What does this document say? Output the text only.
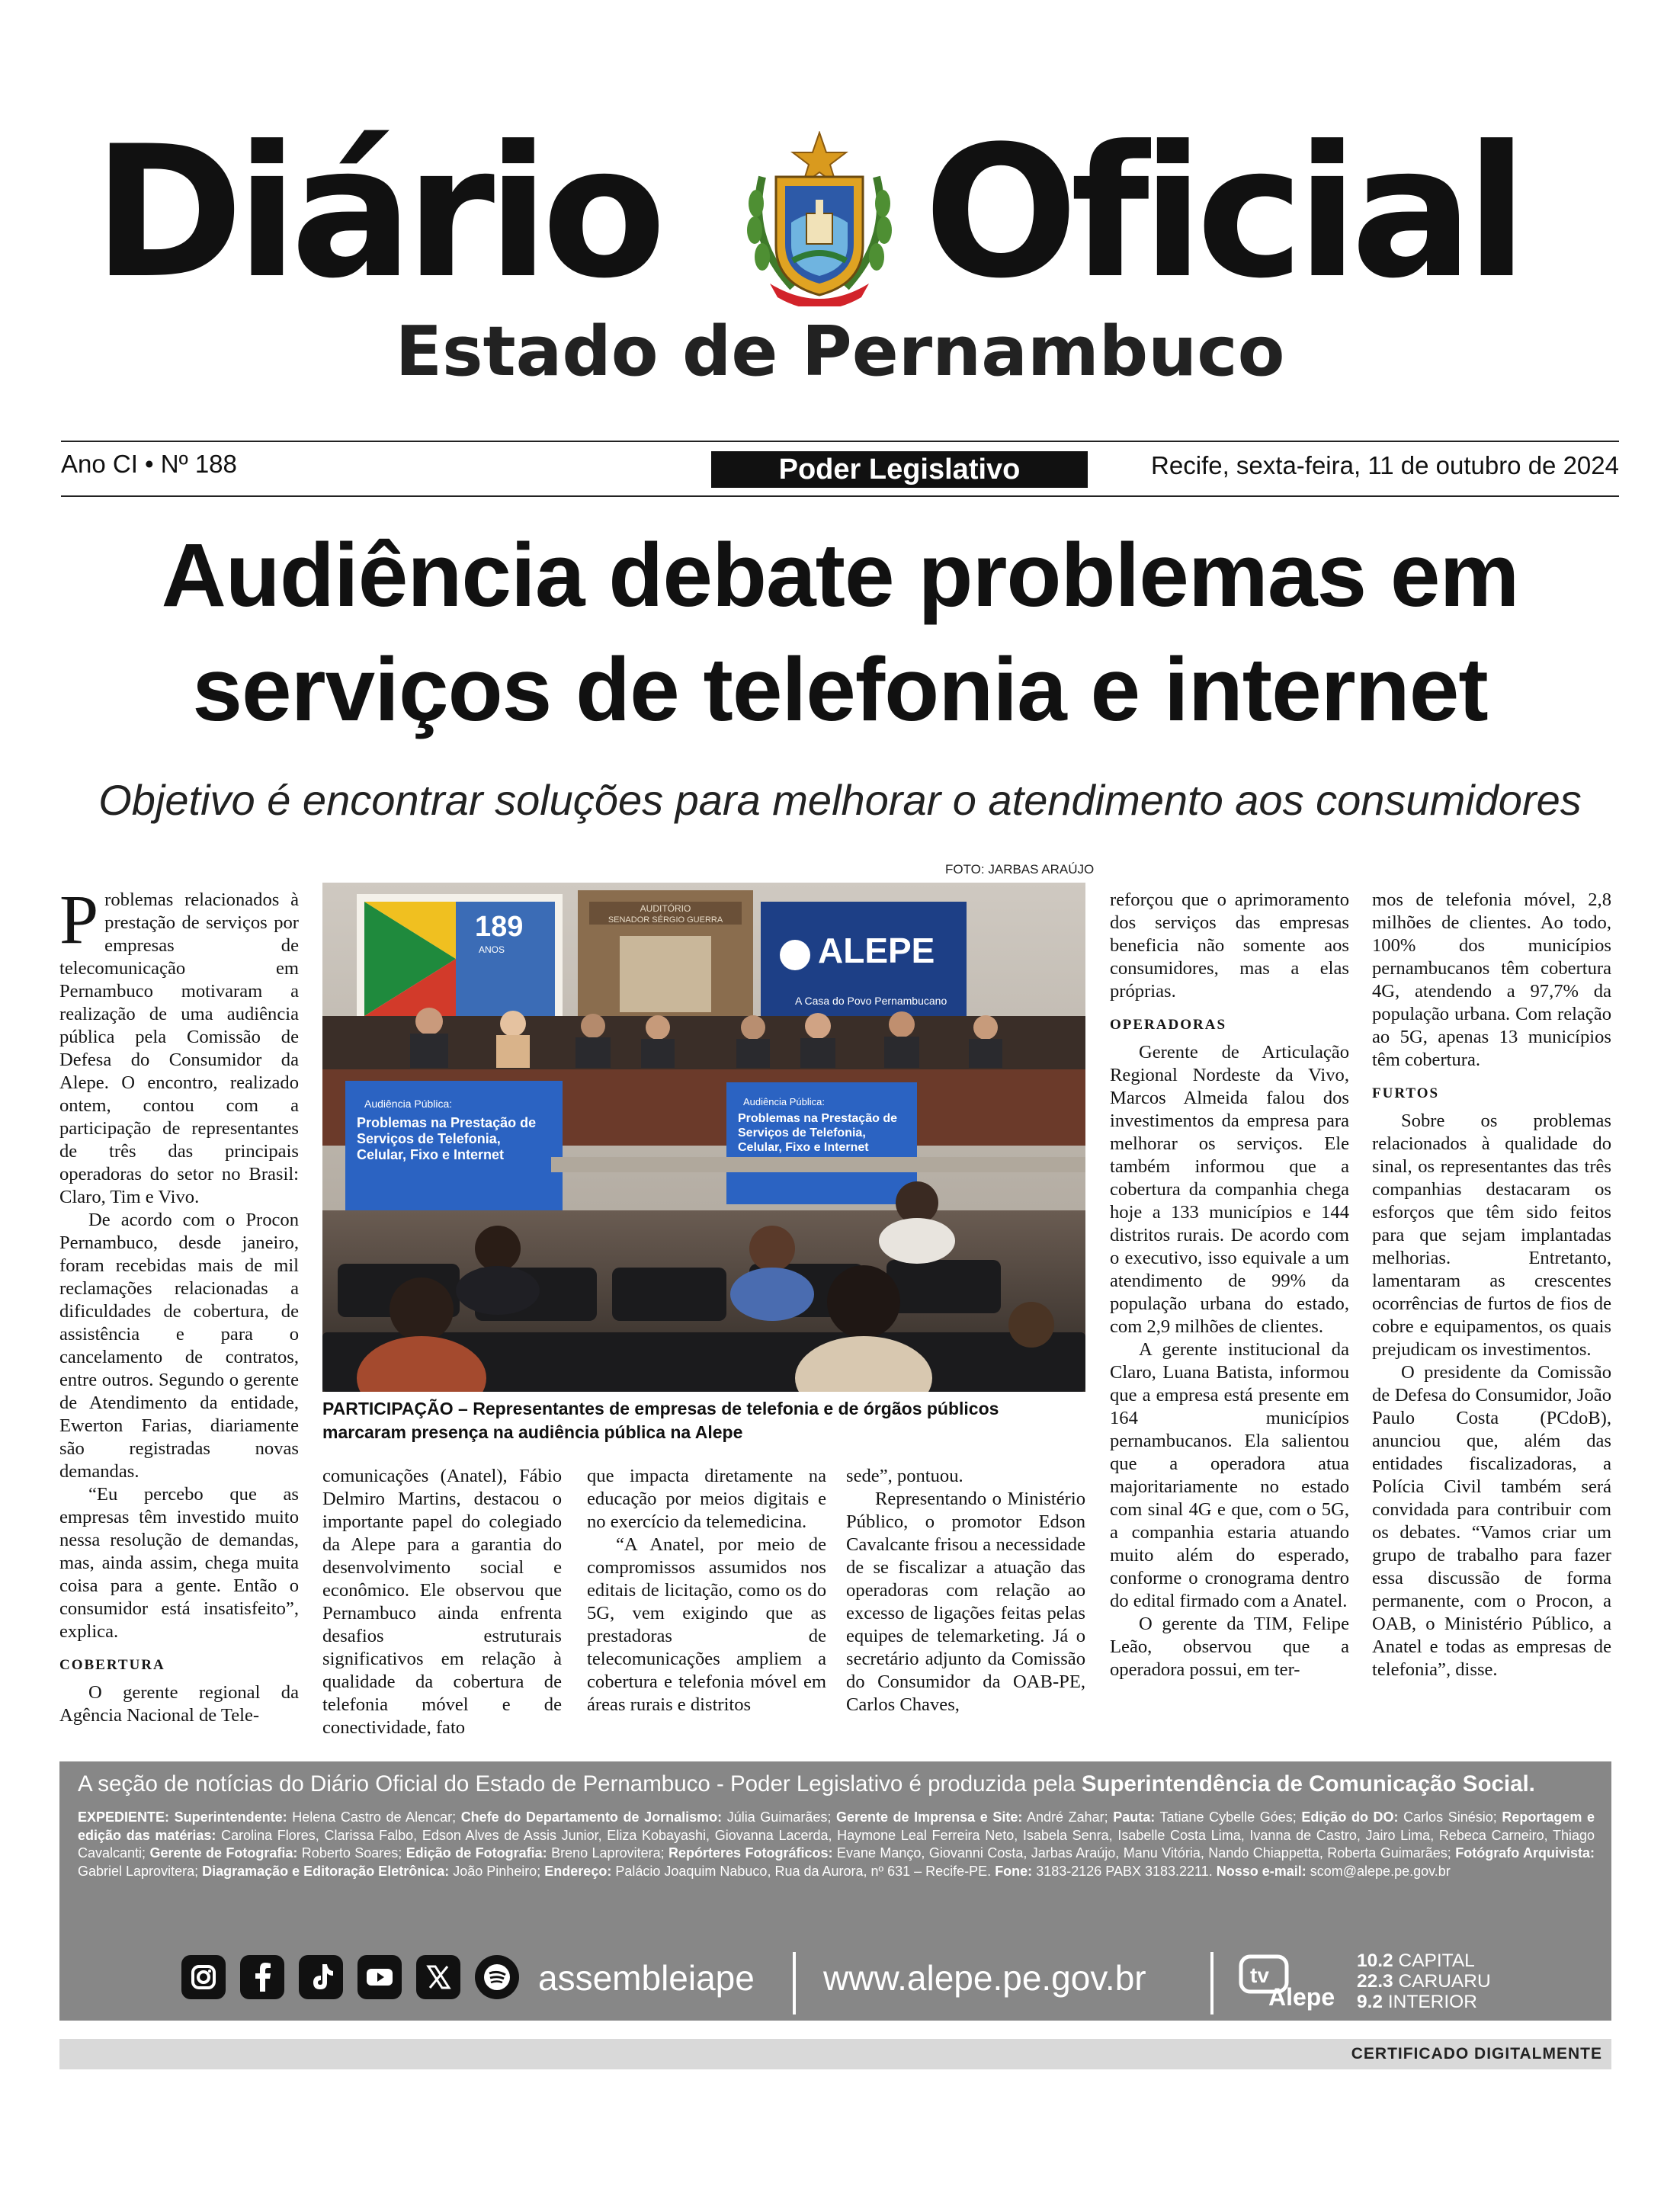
Diário Oficial
Estado de Pernambuco
Ano CI • Nº 188	Poder Legislativo	Recife, sexta-feira, 11 de outubro de 2024
Audiência debate problemas em
serviços de telefonia e internet
Objetivo é encontrar soluções para melhorar o atendimento aos consumidores
FOTO: JARBAS ARAÚJO
189
ANOS
AUDITÓRIO
SENADOR SÉRGIO GUERRA
ALEPE
A Casa do Povo Pernambucano
Audiência Pública:
Problemas na Prestação de Serviços de Telefonia, Celular, Fixo e Internet
Audiência Pública:
Problemas na Prestação de Serviços de Telefonia, Celular, Fixo e Internet
PARTICIPAÇÃO – Representantes de empresas de telefonia e de órgãos públicos marcaram presença na audiência pública na Alepe

Problemas relacionados à prestação de serviços por empresas de telecomunicação em Pernambuco motivaram a realização de uma audiência pública pela Comissão de Defesa do Consumidor da Alepe. O encontro, realizado ontem, contou com a participação de representantes de três das principais operadoras do setor no Brasil: Claro, Tim e Vivo.

De acordo com o Procon Pernambuco, desde janeiro, foram recebidas mais de mil reclamações relacionadas a dificuldades de cobertura, de assistência e para o cancelamento de contratos, entre outros. Segundo o gerente de Atendimento da entidade, Ewerton Farias, diariamente são registradas novas demandas.

“Eu percebo que as empresas têm investido muito nessa resolução de demandas, mas, ainda assim, chega muita coisa para a gente. Então o consumidor está insatisfeito”, explica.

COBERTURA

O gerente regional da Agência Nacional de Tele-

comunicações (Anatel), Fábio Delmiro Martins, destacou o importante papel do colegiado da Alepe para a garantia do desenvolvimento social e econômico. Ele observou que Pernambuco ainda enfrenta desafios estruturais significativos em relação à qualidade da cobertura de telefonia móvel e de conectividade, fato

que impacta diretamente na educação por meios digitais e no exercício da telemedicina.

“A Anatel, por meio de compromissos assumidos nos editais de licitação, como os do 5G, vem exigindo que as prestadoras de telecomunicações ampliem a cobertura e telefonia móvel em áreas rurais e distritos

sede”, pontuou.

Representando o Ministério Público, o promotor Edson Cavalcante frisou a necessidade de se fiscalizar a atuação das operadoras com relação ao excesso de ligações feitas pelas equipes de telemarketing. Já o secretário adjunto da Comissão do Consumidor da OAB-PE, Carlos Chaves,

reforçou que o aprimoramento dos serviços das empresas beneficia não somente aos consumidores, mas a elas próprias.

OPERADORAS

Gerente de Articulação Regional Nordeste da Vivo, Marcos Almeida falou dos investimentos da empresa para melhorar os serviços. Ele também informou que a cobertura da companhia chega hoje a 133 municípios e 144 distritos rurais. De acordo com o executivo, isso equivale a um atendimento de 99% da população urbana do estado, com 2,9 milhões de clientes.

A gerente institucional da Claro, Luana Batista, informou que a empresa está presente em 164 municípios pernambucanos. Ela salientou que a operadora atua majoritariamente no estado com sinal 4G e que, com o 5G, a companhia estaria atuando muito além do esperado, conforme o cronograma dentro do edital firmado com a Anatel.

O gerente da TIM, Felipe Leão, observou que a operadora possui, em ter-

mos de telefonia móvel, 2,8 milhões de clientes. Ao todo, 100% dos municípios pernambucanos têm cobertura 4G, atendendo a 97,7% da população urbana. Com relação ao 5G, apenas 13 municípios têm cobertura.

FURTOS

Sobre os problemas relacionados à qualidade do sinal, os representantes das três companhias destacaram os esforços que têm sido feitos para que sejam implantadas melhorias. Entretanto, lamentaram as crescentes ocorrências de furtos de fios de cobre e equipamentos, os quais prejudicam os investimentos.

O presidente da Comissão de Defesa do Consumidor, João Paulo Costa (PCdoB), anunciou que, além das entidades fiscalizadoras, a Polícia Civil também será convidada para contribuir com os debates. “Vamos criar um grupo de trabalho para fazer essa discussão de forma permanente, com o Procon, a OAB, o Ministério Público, a Anatel e todas as empresas de telefonia”, disse.

A seção de notícias do Diário Oficial do Estado de Pernambuco - Poder Legislativo é produzida pela Superintendência de Comunicação Social.
EXPEDIENTE: Superintendente: Helena Castro de Alencar; Chefe do Departamento de Jornalismo: Júlia Guimarães; Gerente de Imprensa e Site: André Zahar; Pauta: Tatiane Cybelle Góes; Edição do DO: Carlos Sinésio; Reportagem e edição das matérias: Carolina Flores, Clarissa Falbo, Edson Alves de Assis Junior, Eliza Kobayashi, Giovanna Lacerda, Haymone Leal Ferreira Neto, Isabela Senra, Isabelle Costa Lima, Ivanna de Castro, Jairo Lima, Rebeca Carneiro, Thiago Cavalcanti; Gerente de Fotografia: Roberto Soares; Edição de Fotografia: Breno Laprovitera; Repórteres Fotográficos: Evane Manço, Giovanni Costa, Jarbas Araújo, Manu Vitória, Nando Chiappetta, Roberta Guimarães; Fotógrafo Arquivista: Gabriel Laprovitera; Diagramação e Editoração Eletrônica: João Pinheiro; Endereço: Palácio Joaquim Nabuco, Rua da Aurora, nº 631 – Recife-PE. Fone: 3183-2126 PABX 3183.2211. Nosso e-mail: scom@alepe.pe.gov.br
assembleiape www.alepe.pe.gov.br	tv
Alepe
10.2 CAPITAL
22.3 CARUARU
9.2 INTERIOR
CERTIFICADO DIGITALMENTE
